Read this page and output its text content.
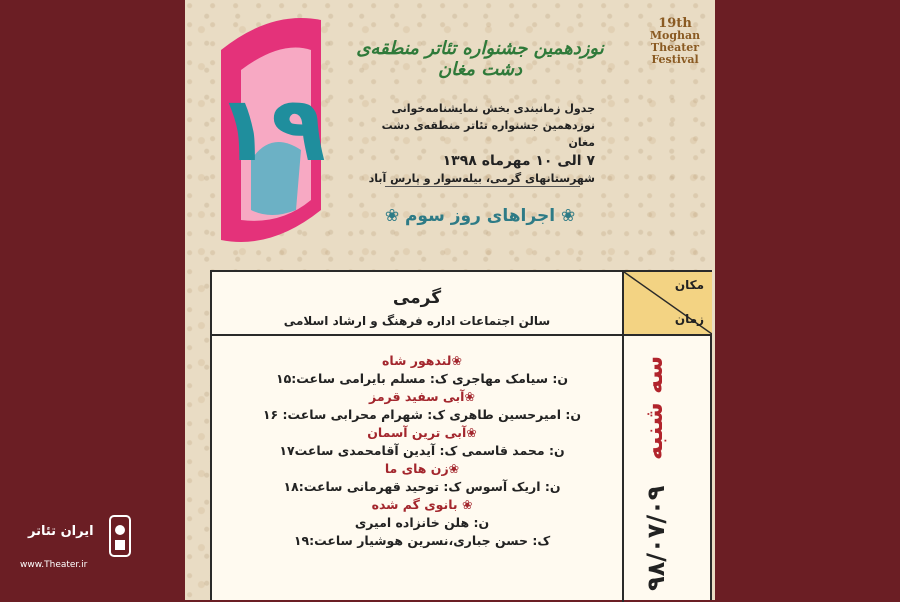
۱۹
19th
Moghan
Theater
Festival
نوزدهمین جشنواره تئاتر منطقه‌ی دشت مغان
جدول زمانبندی بخش نمایشنامه‌خوانی
نوزدهمین جشنواره تئاتر منطقه‌ی دشت مغان
۷ الی ۱۰ مهرماه ۱۳۹۸
شهرستانهای گرمی، بیله‌سوار و پارس آباد
❀ اجراهای روز سوم ❀
مکان
زمان
گرمی
سالن اجتماعات اداره فرهنگ و ارشاد اسلامی
❀لندهور شاه
ن: سیامک مهاجری ک: مسلم بایرامی ساعت:۱۵
❀آبی سفید قرمز
ن: امیرحسین طاهری ک: شهرام محرابی ساعت: ۱۶
❀آبی ترین آسمان
ن: محمد قاسمی ک: آیدین آقامحمدی ساعت۱۷
❀زن های ما
ن: اریک آسوس ک: توحید قهرمانی ساعت:۱۸
❀ بانوی گم شده
ن: هلن خانزاده امیری
ک: حسن جباری،نسرین هوشیار ساعت:۱۹
سه شنبه
۹۸/۰۷/۰۹
ایران تئاتر
www.Theater.ir
